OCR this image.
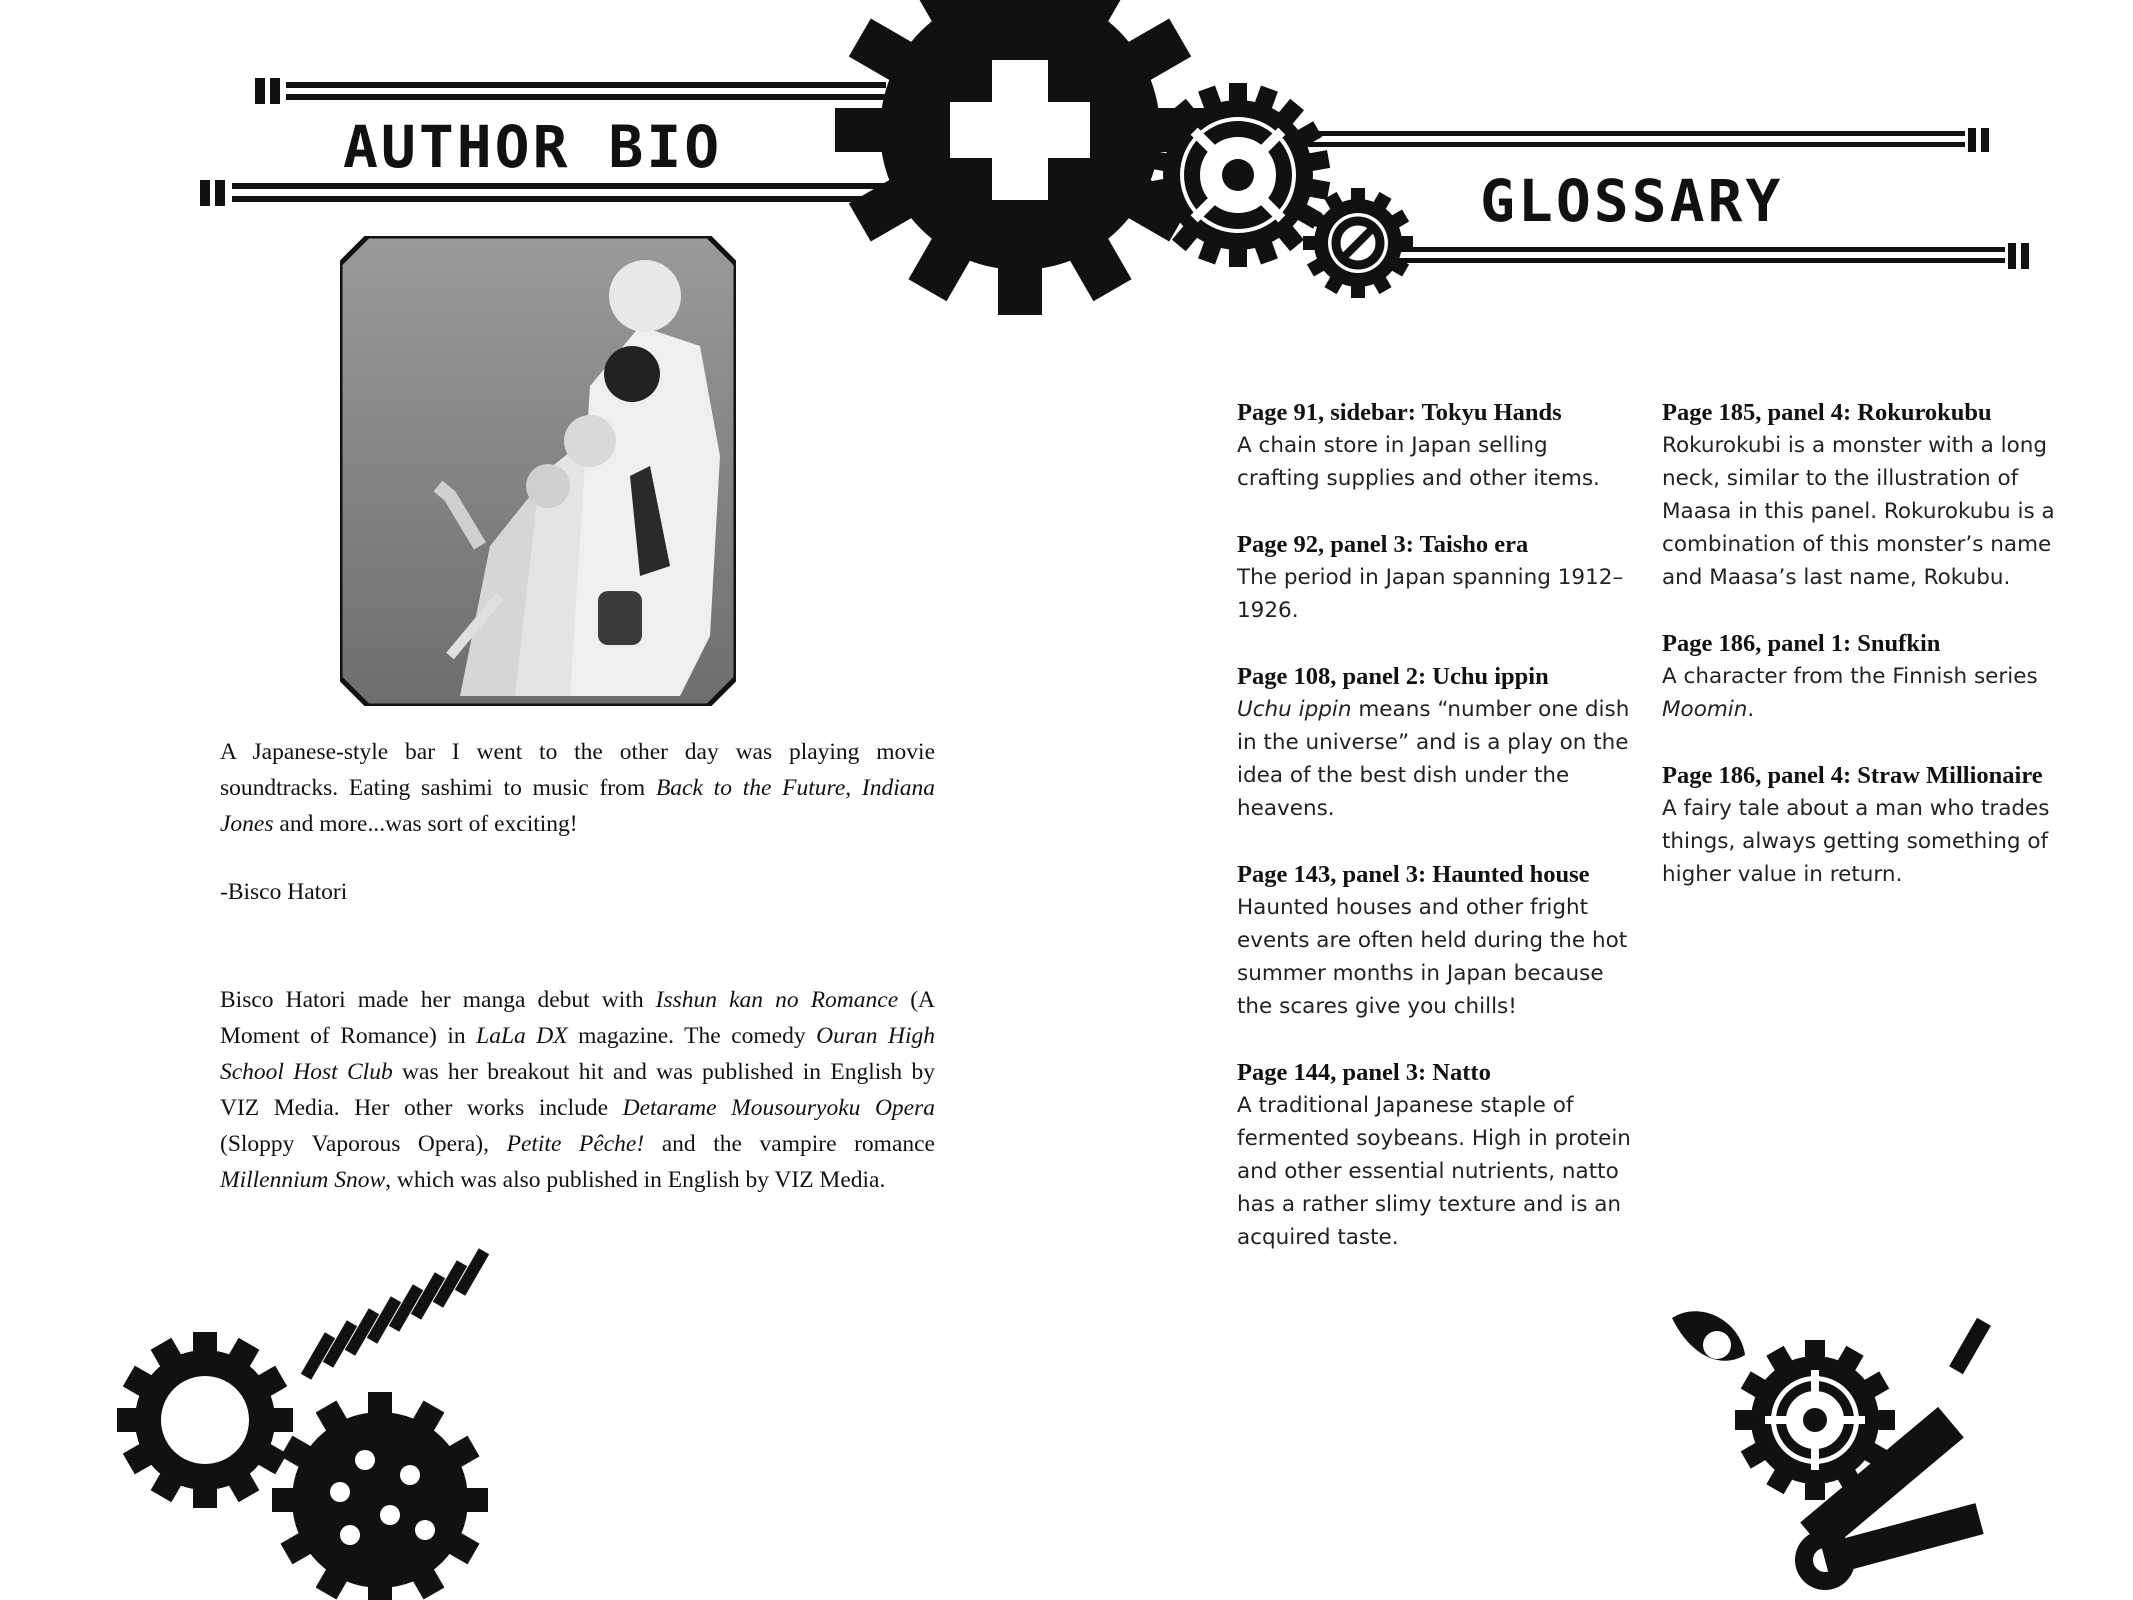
AUTHOR BIO
GLOSSARY

A Japanese-style bar I went to the other day was playing movie soundtracks. Eating sashimi to music from Back to the Future, Indiana Jones and more...was sort of exciting!

-Bisco Hatori

Bisco Hatori made her manga debut with Isshun kan no Romance (A Moment of Romance) in LaLa DX magazine. The comedy Ouran High School Host Club was her breakout hit and was published in English by VIZ Media. Her other works include Detarame Mousouryoku Opera (Sloppy Vaporous Opera), Petite Pêche! and the vampire romance Millennium Snow, which was also published in English by VIZ Media.

Page 91, sidebar: Tokyu Hands
A chain store in Japan selling crafting supplies and other items.
Page 92, panel 3: Taisho era
The period in Japan spanning 1912–1926.
Page 108, panel 2: Uchu ippin
Uchu ippin means “number one dish in the universe” and is a play on the idea of the best dish under the heavens.
Page 143, panel 3: Haunted house
Haunted houses and other fright events are often held during the hot summer months in Japan because the scares give you chills!
Page 144, panel 3: Natto
A traditional Japanese staple of fermented soybeans. High in protein and other essential nutrients, natto has a rather slimy texture and is an acquired taste.
Page 185, panel 4: Rokurokubu
Rokurokubi is a monster with a long neck, similar to the illustration of Maasa in this panel. Rokurokubu is a combination of this monster’s name and Maasa’s last name, Rokubu.
Page 186, panel 1: Snufkin
A character from the Finnish series Moomin.
Page 186, panel 4: Straw Millionaire
A fairy tale about a man who trades things, always getting something of higher value in return.
